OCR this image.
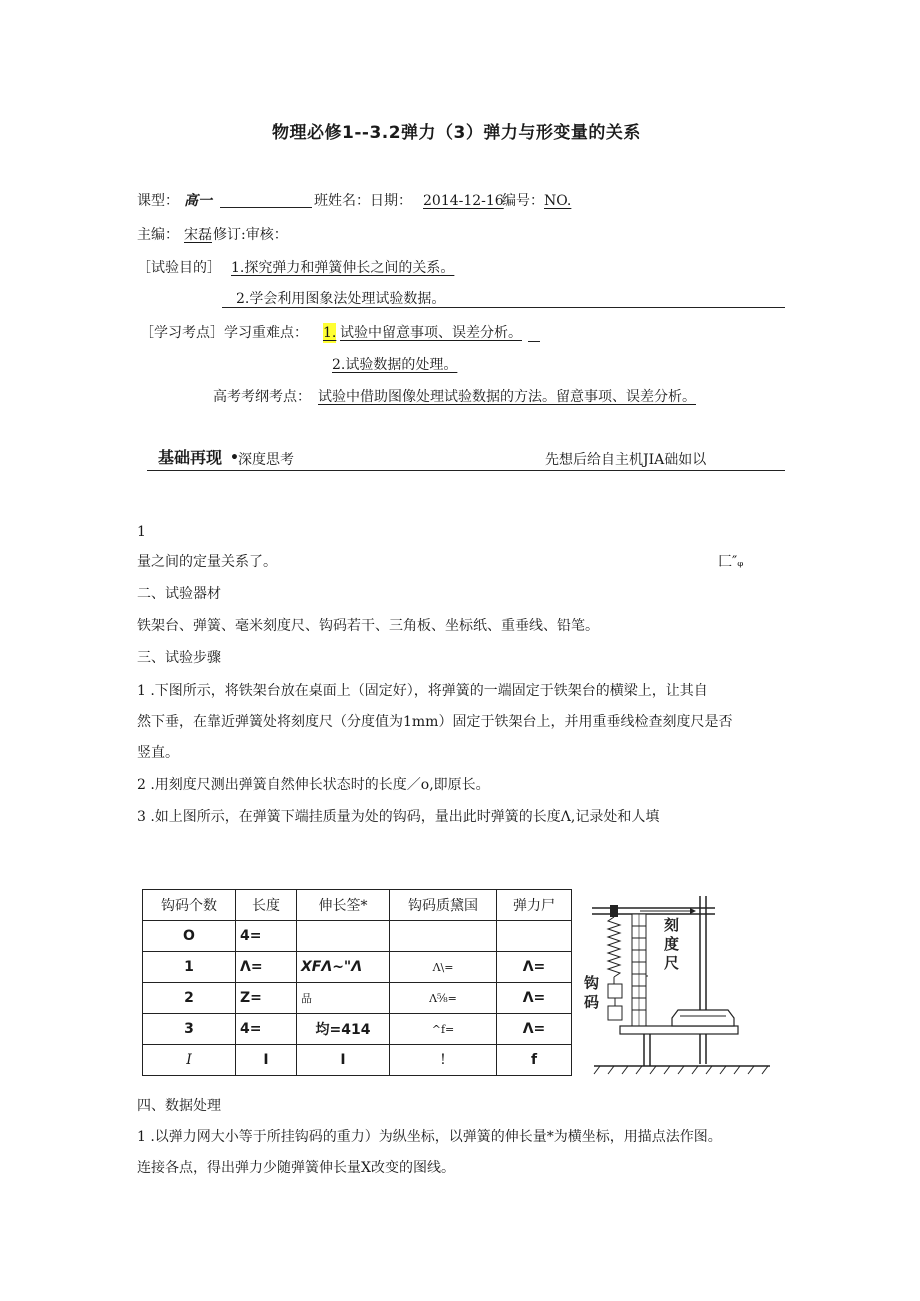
物理必修1--3.2弹力（3）弹力与形变量的关系
课型： 高一	班姓名：日期： 2014-12-16
编号： NO.
主编： 宋磊 修订:审核：
［试验目的］ 1.探究弹力和弹簧伸长之间的关系。
2.学会利用图象法处理试验数据。
［学习考点］学习重难点： 1. 试验中留意事项、误差分析。
2.试验数据的处理。
高考考纲考点： 试验中借助图像处理试验数据的方法。留意事项、误差分析。
基础再现 • 深度思考	先想后给自主机JIA础如以
1
量之间的定量关系了。	匚″ᵩ
二、试验器材
铁架台、弹簧、毫米刻度尺、钩码若干、三角板、坐标纸、重垂线、铅笔。
三、试验步骤
1 .下图所示，将铁架台放在桌面上（固定好），将弹簧的一端固定于铁架台的横梁上，让其自
然下垂，在靠近弹簧处将刻度尺（分度值为1mm）固定于铁架台上，并用重垂线检查刻度尺是否
竖直。
2 .用刻度尺测出弹簧自然伸长状态时的长度／o,即原长。
3 .如上图所示，在弹簧下端挂质量为处的钩码，量出此时弹簧的长度Λ,记录处和人填
钩码个数	长度	伸长筌*	钩码质黛国	弹力尸
O	4=			
1	Λ=	XFΛ~"Λ	Λ\=	Λ=
2	Z=	品	Λ⅝=	Λ=
3	4=	均=414	^f=	Λ=
I	I	I	!	f
刻
度
尺
钩
码
四、数据处理
1 .以弹力网大小等于所挂钩码的重力）为纵坐标，以弹簧的伸长量*为横坐标，用描点法作图。
连接各点，得出弹力少随弹簧伸长量X改变的图线。
